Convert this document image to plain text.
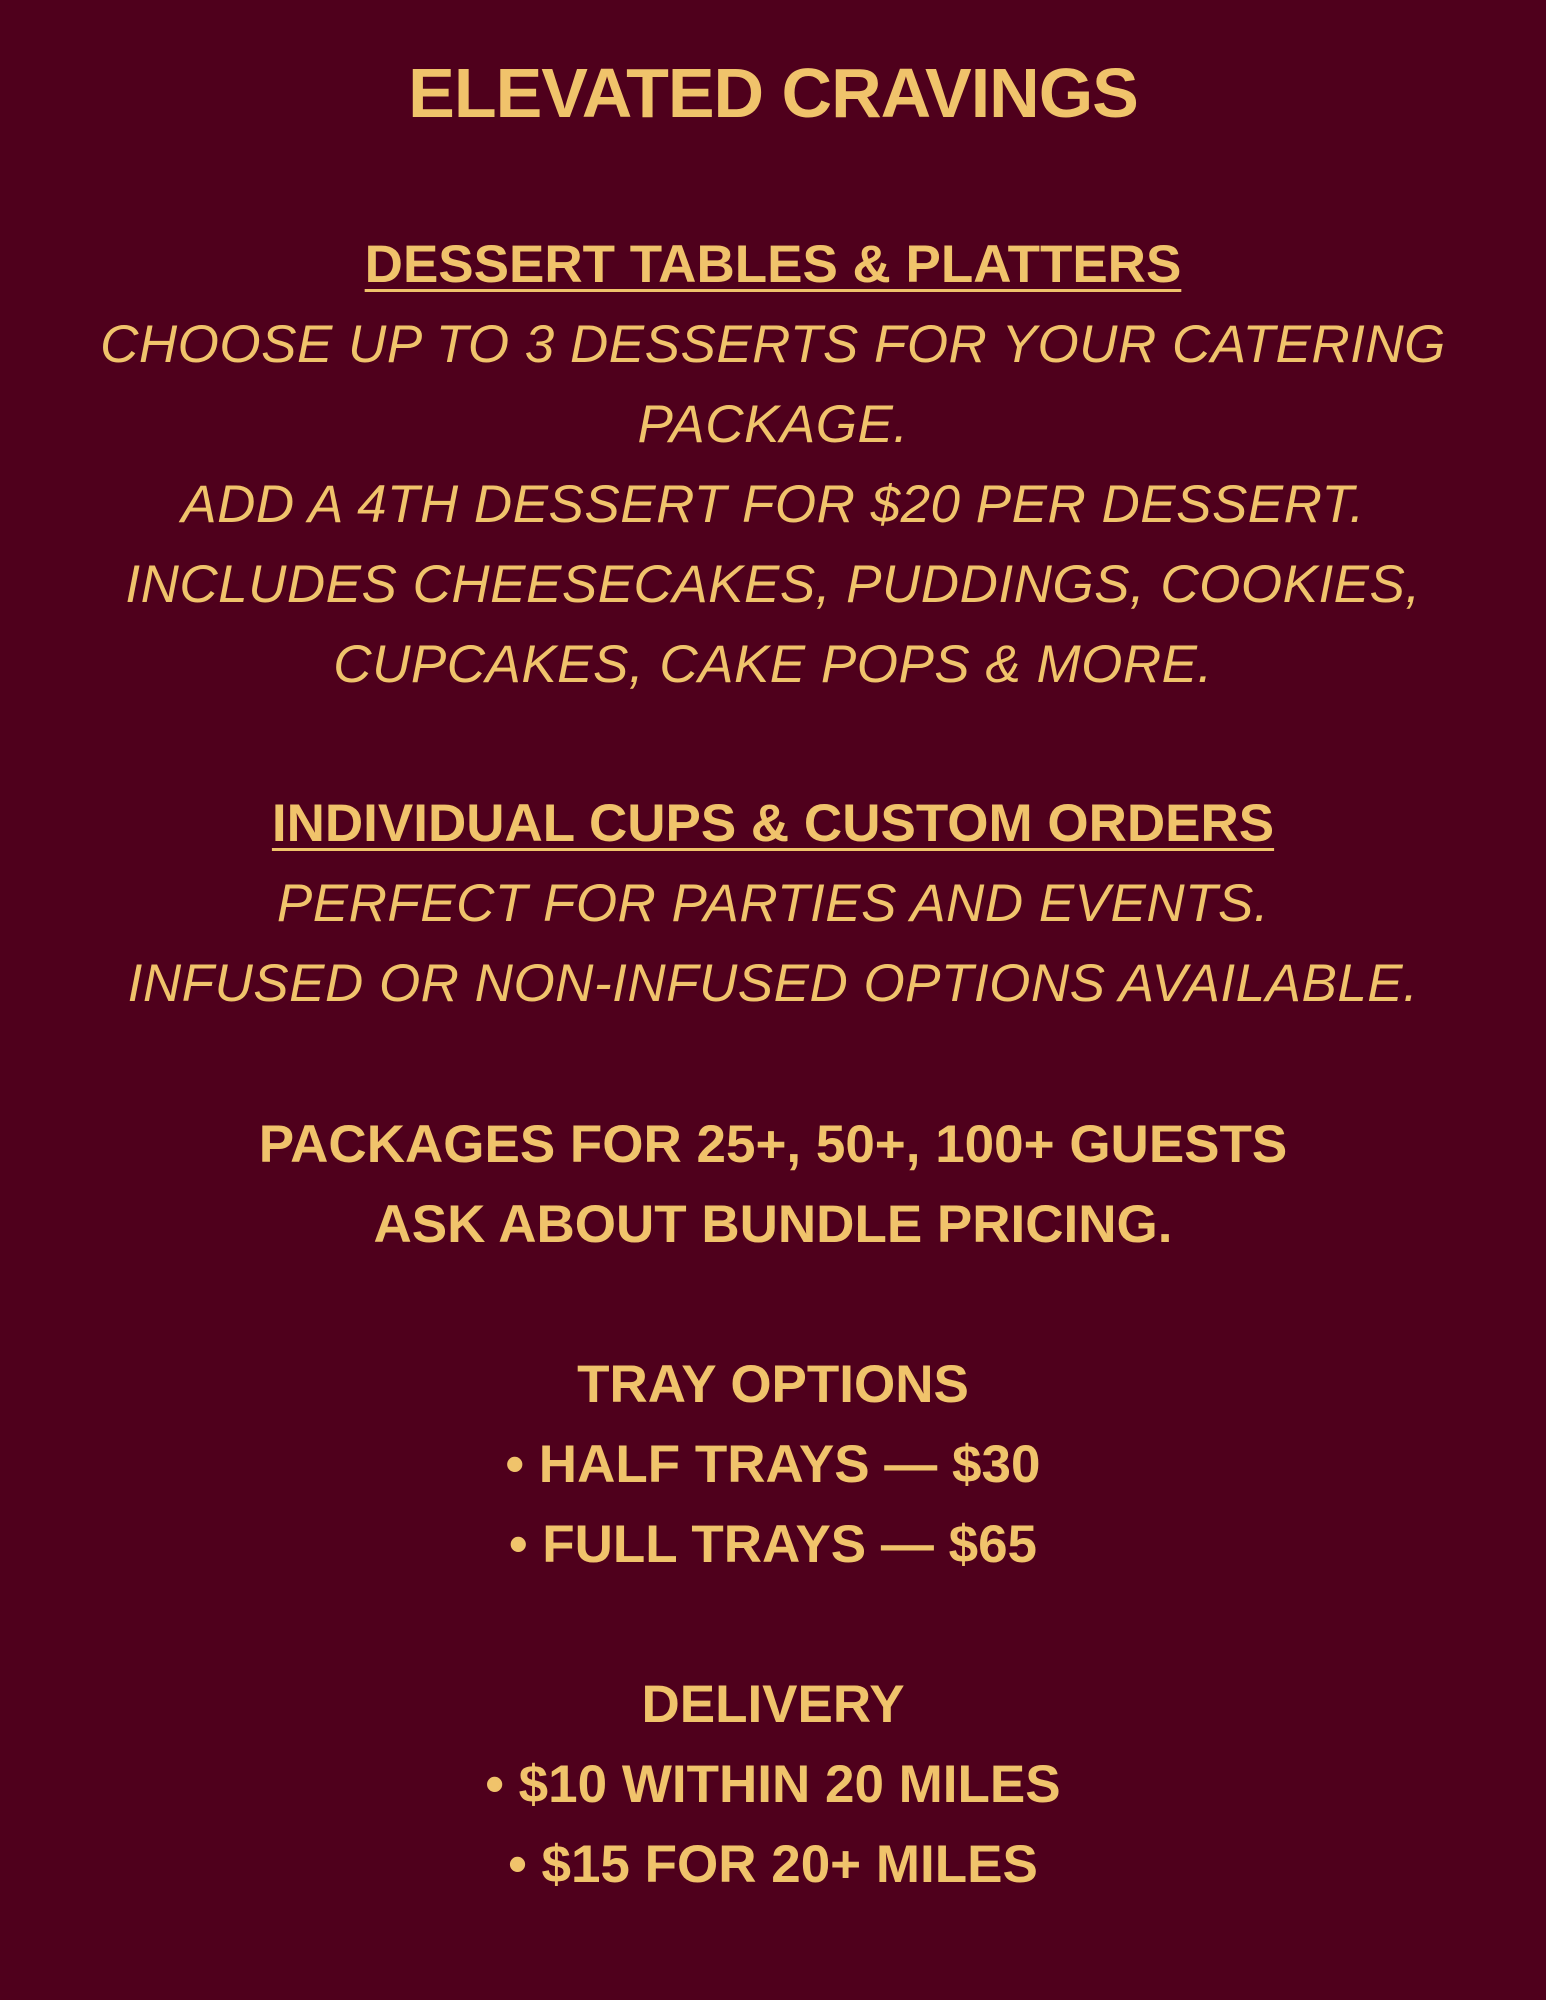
ELEVATED CRAVINGS

DESSERT TABLES & PLATTERS

CHOOSE UP TO 3 DESSERTS FOR YOUR CATERING

PACKAGE.

ADD A 4TH DESSERT FOR $20 PER DESSERT.

INCLUDES CHEESECAKES, PUDDINGS, COOKIES,

CUPCAKES, CAKE POPS & MORE.

INDIVIDUAL CUPS & CUSTOM ORDERS

PERFECT FOR PARTIES AND EVENTS.

INFUSED OR NON-INFUSED OPTIONS AVAILABLE.

PACKAGES FOR 25+, 50+, 100+ GUESTS

ASK ABOUT BUNDLE PRICING.

TRAY OPTIONS

• HALF TRAYS — $30

• FULL TRAYS — $65

DELIVERY

• $10 WITHIN 20 MILES

• $15 FOR 20+ MILES
